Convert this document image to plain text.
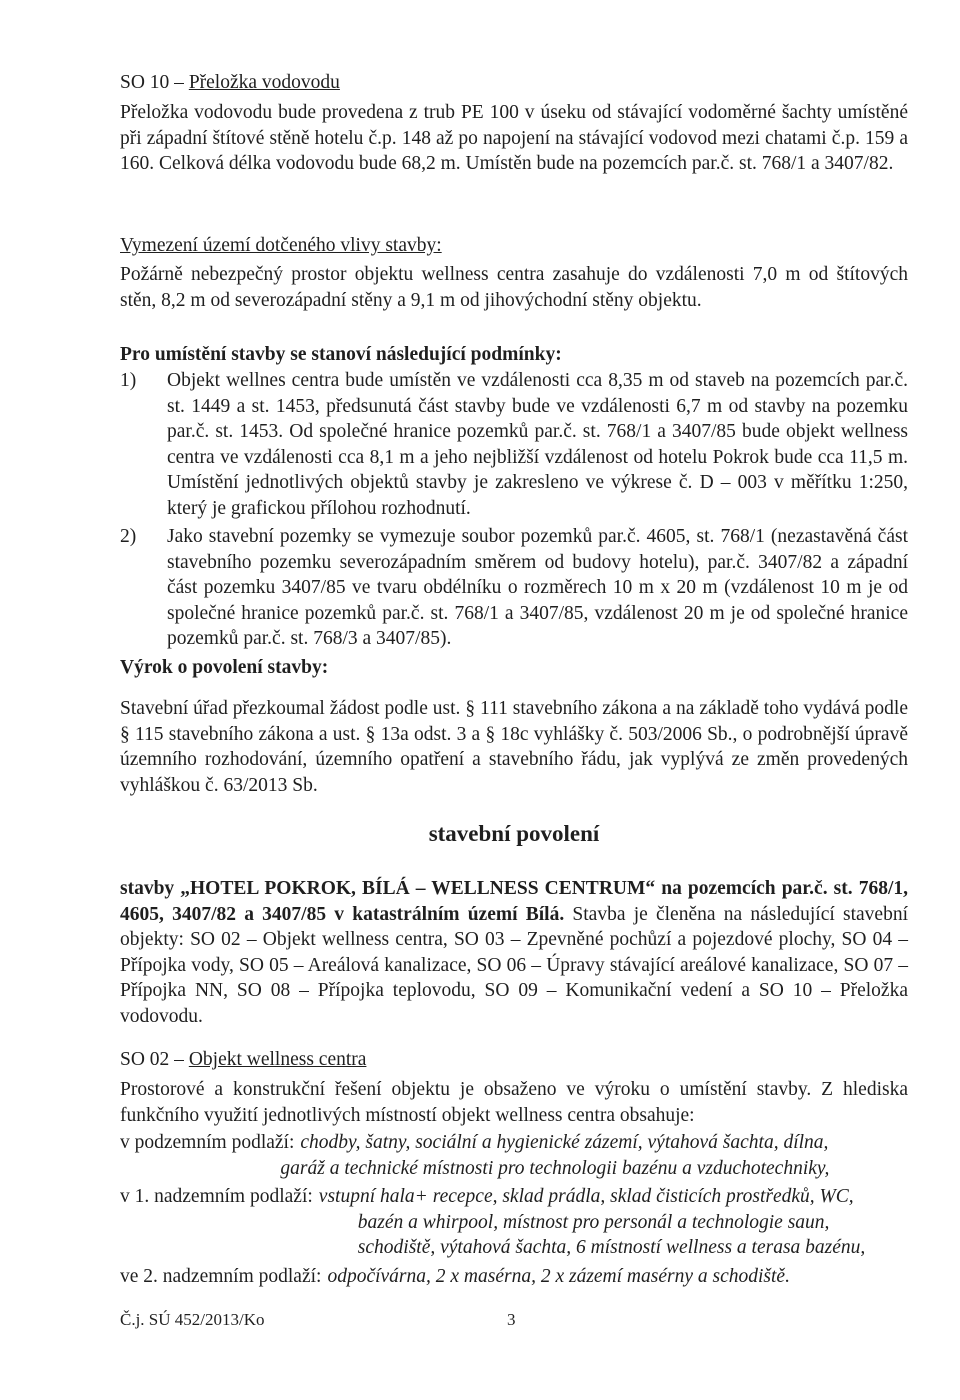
SO 10 – Přeložka vodovodu
Přeložka vodovodu bude provedena z trub PE 100 v úseku od stávající vodoměrné šachty umístěné při západní štítové stěně hotelu č.p. 148 až po napojení na stávající vodovod mezi chatami č.p. 159 a 160. Celková délka vodovodu bude 68,2 m. Umístěn bude na pozemcích par.č. st. 768/1 a 3407/82.
Vymezení území dotčeného vlivy stavby:
Požárně nebezpečný prostor objektu wellness centra zasahuje do vzdálenosti 7,0 m od štítových stěn, 8,2 m od severozápadní stěny a 9,1 m od jihovýchodní stěny objektu.
Pro umístění stavby se stanoví následující podmínky:
1) Objekt wellnes centra bude umístěn ve vzdálenosti cca 8,35 m od staveb na pozemcích par.č. st. 1449 a st. 1453, předsunutá část stavby bude ve vzdálenosti 6,7 m od stavby na pozemku par.č. st. 1453. Od společné hranice pozemků par.č. st. 768/1 a 3407/85 bude objekt wellness centra ve vzdálenosti cca 8,1 m a jeho nejbližší vzdálenost od hotelu Pokrok bude cca 11,5 m. Umístění jednotlivých objektů stavby je zakresleno ve výkrese č. D – 003 v měřítku 1:250, který je grafickou přílohou rozhodnutí.
2) Jako stavební pozemky se vymezuje soubor pozemků par.č. 4605, st. 768/1 (nezastavěná část stavebního pozemku severozápadním směrem od budovy hotelu), par.č. 3407/82 a západní část pozemku 3407/85 ve tvaru obdélníku o rozměrech 10 m x 20 m (vzdálenost 10 m je od společné hranice pozemků par.č. st. 768/1 a 3407/85, vzdálenost 20 m je od společné hranice pozemků par.č. st. 768/3 a 3407/85).
Výrok o povolení stavby:
Stavební úřad přezkoumal žádost podle ust. § 111 stavebního zákona a na základě toho vydává podle § 115 stavebního zákona a ust. § 13a odst. 3 a § 18c vyhlášky č. 503/2006 Sb., o podrobnější úpravě územního rozhodování, územního opatření a stavebního řádu, jak vyplývá ze změn provedených vyhláškou č. 63/2013 Sb.
stavební povolení
stavby „HOTEL POKROK, BÍLÁ – WELLNESS CENTRUM“ na pozemcích par.č. st. 768/1, 4605, 3407/82 a 3407/85 v katastrálním území Bílá. Stavba je členěna na následující stavební objekty: SO 02 – Objekt wellness centra, SO 03 – Zpevněné pochůzí a pojezdové plochy, SO 04 – Přípojka vody, SO 05 – Areálová kanalizace, SO 06 – Úpravy stávající areálové kanalizace, SO 07 – Přípojka NN, SO 08 – Přípojka teplovodu, SO 09 – Komunikační vedení a SO 10 – Přeložka vodovodu.
SO 02 – Objekt wellness centra
Prostorové a konstrukční řešení objektu je obsaženo ve výroku o umístění stavby. Z hlediska funkčního využití jednotlivých místností objekt wellness centra obsahuje:
v podzemním podlaží: chodby, šatny, sociální a hygienické zázemí, výtahová šachta, dílna,
garáž a technické místnosti pro technologii bazénu a vzduchotechniky,
v 1. nadzemním podlaží: vstupní hala+ recepce, sklad prádla, sklad čisticích prostředků, WC,
bazén a whirpool, místnost pro personál a technologie saun,
schodiště, výtahová šachta, 6 místností wellness a terasa bazénu,
ve 2. nadzemním podlaží: odpočívárna, 2 x masérna, 2 x zázemí masérny a schodiště.
Č.j. SÚ 452/2013/Ko	3
